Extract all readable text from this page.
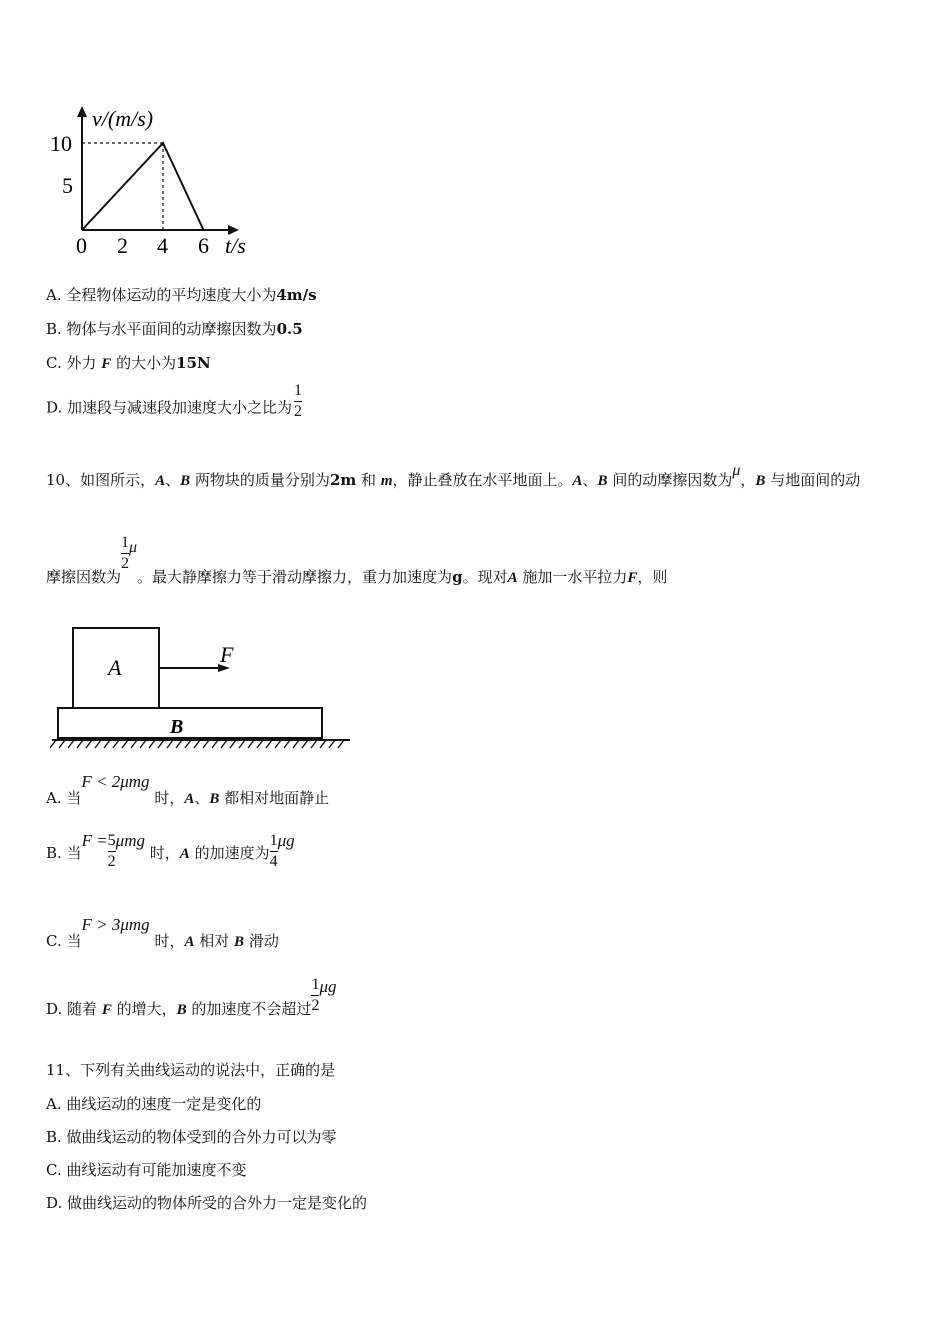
v/(m/s)
10
5
0 2 4 6 t/s
A. 全程物体运动的平均速度大小为4m/s
B. 物体与水平面间的动摩擦因数为0.5
C. 外力 F 的大小为15N
D. 加速段与减速段加速度大小之比为 $\frac{1}{2}$
10、如图所示，A、B 两物块的质量分别为2m 和 m，静止叠放在水平地面上。A、B 间的动摩擦因数为μ，B 与地面间的动
摩擦因数为
$\frac{1}{2}$ μ。最大静摩擦力等于滑动摩擦力，重力加速度为g。现对A 施加一水平拉力F，则
A
F
B
A. 当F < 2μmg 时，A、B 都相对地面静止
B. 当$F = \frac{5}{2}$ μmg 时，A 的加速度为 $\frac{1}{4}$ μg
C. 当F > 3μmg 时，A 相对 B 滑动
D. 随着 F 的增大，B 的加速度不会超过 $\frac{1}{2}$ μg
11、下列有关曲线运动的说法中，正确的是
A. 曲线运动的速度一定是变化的
B. 做曲线运动的物体受到的合外力可以为零
C. 曲线运动有可能加速度不变
D. 做曲线运动的物体所受的合外力一定是变化的
